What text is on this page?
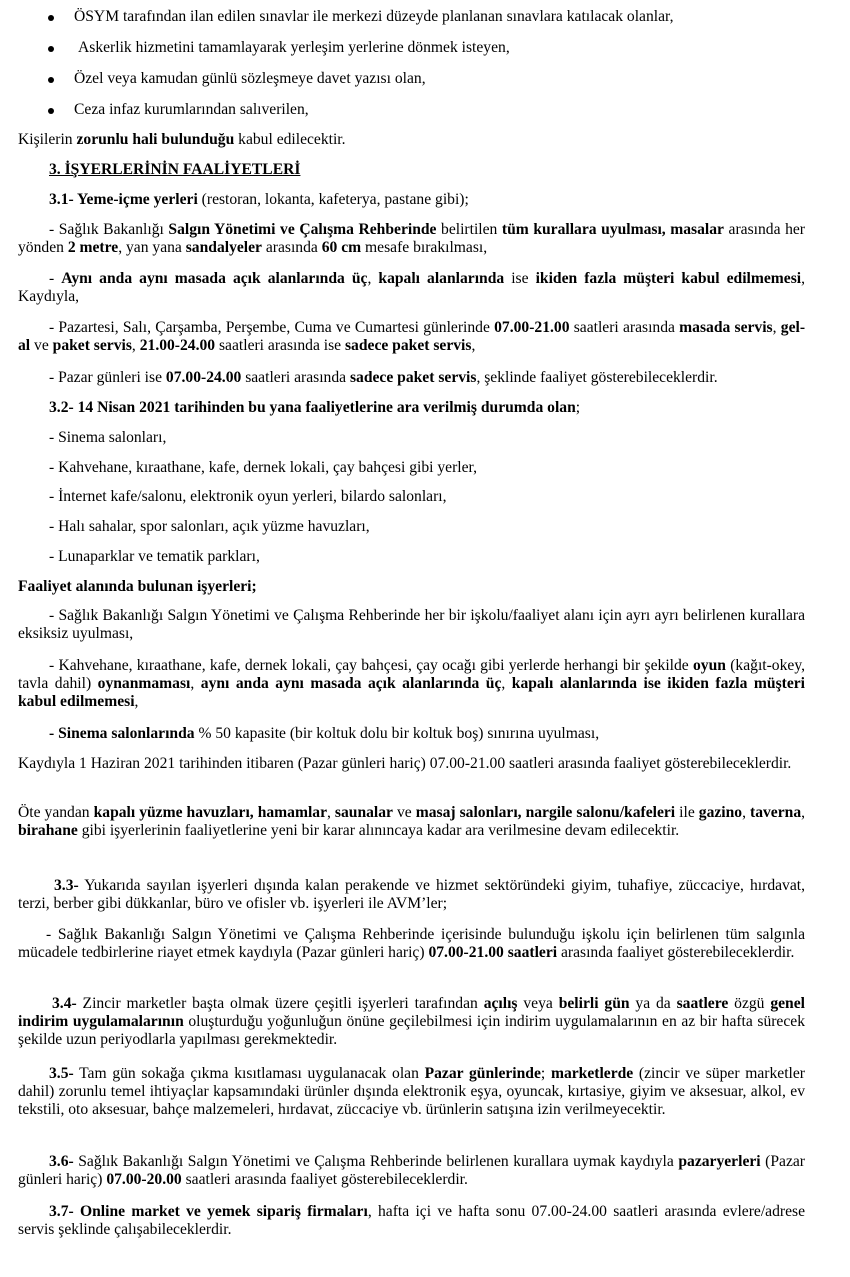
ÖSYM tarafından ilan edilen sınavlar ile merkezi düzeyde planlanan sınavlara katılacak olanlar,
Askerlik hizmetini tamamlayarak yerleşim yerlerine dönmek isteyen,
Özel veya kamudan günlü sözleşmeye davet yazısı olan,
Ceza infaz kurumlarından salıverilen,

Kişilerin zorunlu hali bulunduğu kabul edilecektir.

3. İŞYERLERİNİN FAALİYETLERİ

3.1- Yeme-içme yerleri (restoran, lokanta, kafeterya, pastane gibi);

- Sağlık Bakanlığı Salgın Yönetimi ve Çalışma Rehberinde belirtilen tüm kurallara uyulması, masalar arasında her yönden 2 metre, yan yana sandalyeler arasında 60 cm mesafe bırakılması,

- Aynı anda aynı masada açık alanlarında üç, kapalı alanlarında ise ikiden fazla müşteri kabul edilmemesi, Kaydıyla,

- Pazartesi, Salı, Çarşamba, Perşembe, Cuma ve Cumartesi günlerinde 07.00-21.00 saatleri arasında masada servis, gel-al ve paket servis, 21.00-24.00 saatleri arasında ise sadece paket servis,

- Pazar günleri ise 07.00-24.00 saatleri arasında sadece paket servis, şeklinde faaliyet gösterebileceklerdir.

3.2- 14 Nisan 2021 tarihinden bu yana faaliyetlerine ara verilmiş durumda olan;

- Sinema salonları,

- Kahvehane, kıraathane, kafe, dernek lokali, çay bahçesi gibi yerler,

- İnternet kafe/salonu, elektronik oyun yerleri, bilardo salonları,

- Halı sahalar, spor salonları, açık yüzme havuzları,

- Lunaparklar ve tematik parkları,

Faaliyet alanında bulunan işyerleri;

- Sağlık Bakanlığı Salgın Yönetimi ve Çalışma Rehberinde her bir işkolu/faaliyet alanı için ayrı ayrı belirlenen kurallara eksiksiz uyulması,

- Kahvehane, kıraathane, kafe, dernek lokali, çay bahçesi, çay ocağı gibi yerlerde herhangi bir şekilde oyun (kağıt-okey, tavla dahil) oynanmaması, aynı anda aynı masada açık alanlarında üç, kapalı alanlarında ise ikiden fazla müşteri kabul edilmemesi,

- Sinema salonlarında % 50 kapasite (bir koltuk dolu bir koltuk boş) sınırına uyulması,

Kaydıyla 1 Haziran 2021 tarihinden itibaren (Pazar günleri hariç) 07.00-21.00 saatleri arasında faaliyet gösterebileceklerdir.

Öte yandan kapalı yüzme havuzları, hamamlar, saunalar ve masaj salonları, nargile salonu/kafeleri ile gazino, taverna, birahane gibi işyerlerinin faaliyetlerine yeni bir karar alınıncaya kadar ara verilmesine devam edilecektir.

3.3- Yukarıda sayılan işyerleri dışında kalan perakende ve hizmet sektöründeki giyim, tuhafiye, züccaciye, hırdavat, terzi, berber gibi dükkanlar, büro ve ofisler vb. işyerleri ile AVM’ler;

- Sağlık Bakanlığı Salgın Yönetimi ve Çalışma Rehberinde içerisinde bulunduğu işkolu için belirlenen tüm salgınla mücadele tedbirlerine riayet etmek kaydıyla (Pazar günleri hariç) 07.00-21.00 saatleri arasında faaliyet gösterebileceklerdir.

3.4- Zincir marketler başta olmak üzere çeşitli işyerleri tarafından açılış veya belirli gün ya da saatlere özgü genel indirim uygulamalarının oluşturduğu yoğunluğun önüne geçilebilmesi için indirim uygulamalarının en az bir hafta sürecek şekilde uzun periyodlarla yapılması gerekmektedir.

3.5- Tam gün sokağa çıkma kısıtlaması uygulanacak olan Pazar günlerinde; marketlerde (zincir ve süper marketler dahil) zorunlu temel ihtiyaçlar kapsamındaki ürünler dışında elektronik eşya, oyuncak, kırtasiye, giyim ve aksesuar, alkol, ev tekstili, oto aksesuar, bahçe malzemeleri, hırdavat, züccaciye vb. ürünlerin satışına izin verilmeyecektir.

3.6- Sağlık Bakanlığı Salgın Yönetimi ve Çalışma Rehberinde belirlenen kurallara uymak kaydıyla pazaryerleri (Pazar günleri hariç) 07.00-20.00 saatleri arasında faaliyet gösterebileceklerdir.

3.7- Online market ve yemek sipariş firmaları, hafta içi ve hafta sonu 07.00-24.00 saatleri arasında evlere/adrese servis şeklinde çalışabileceklerdir.
